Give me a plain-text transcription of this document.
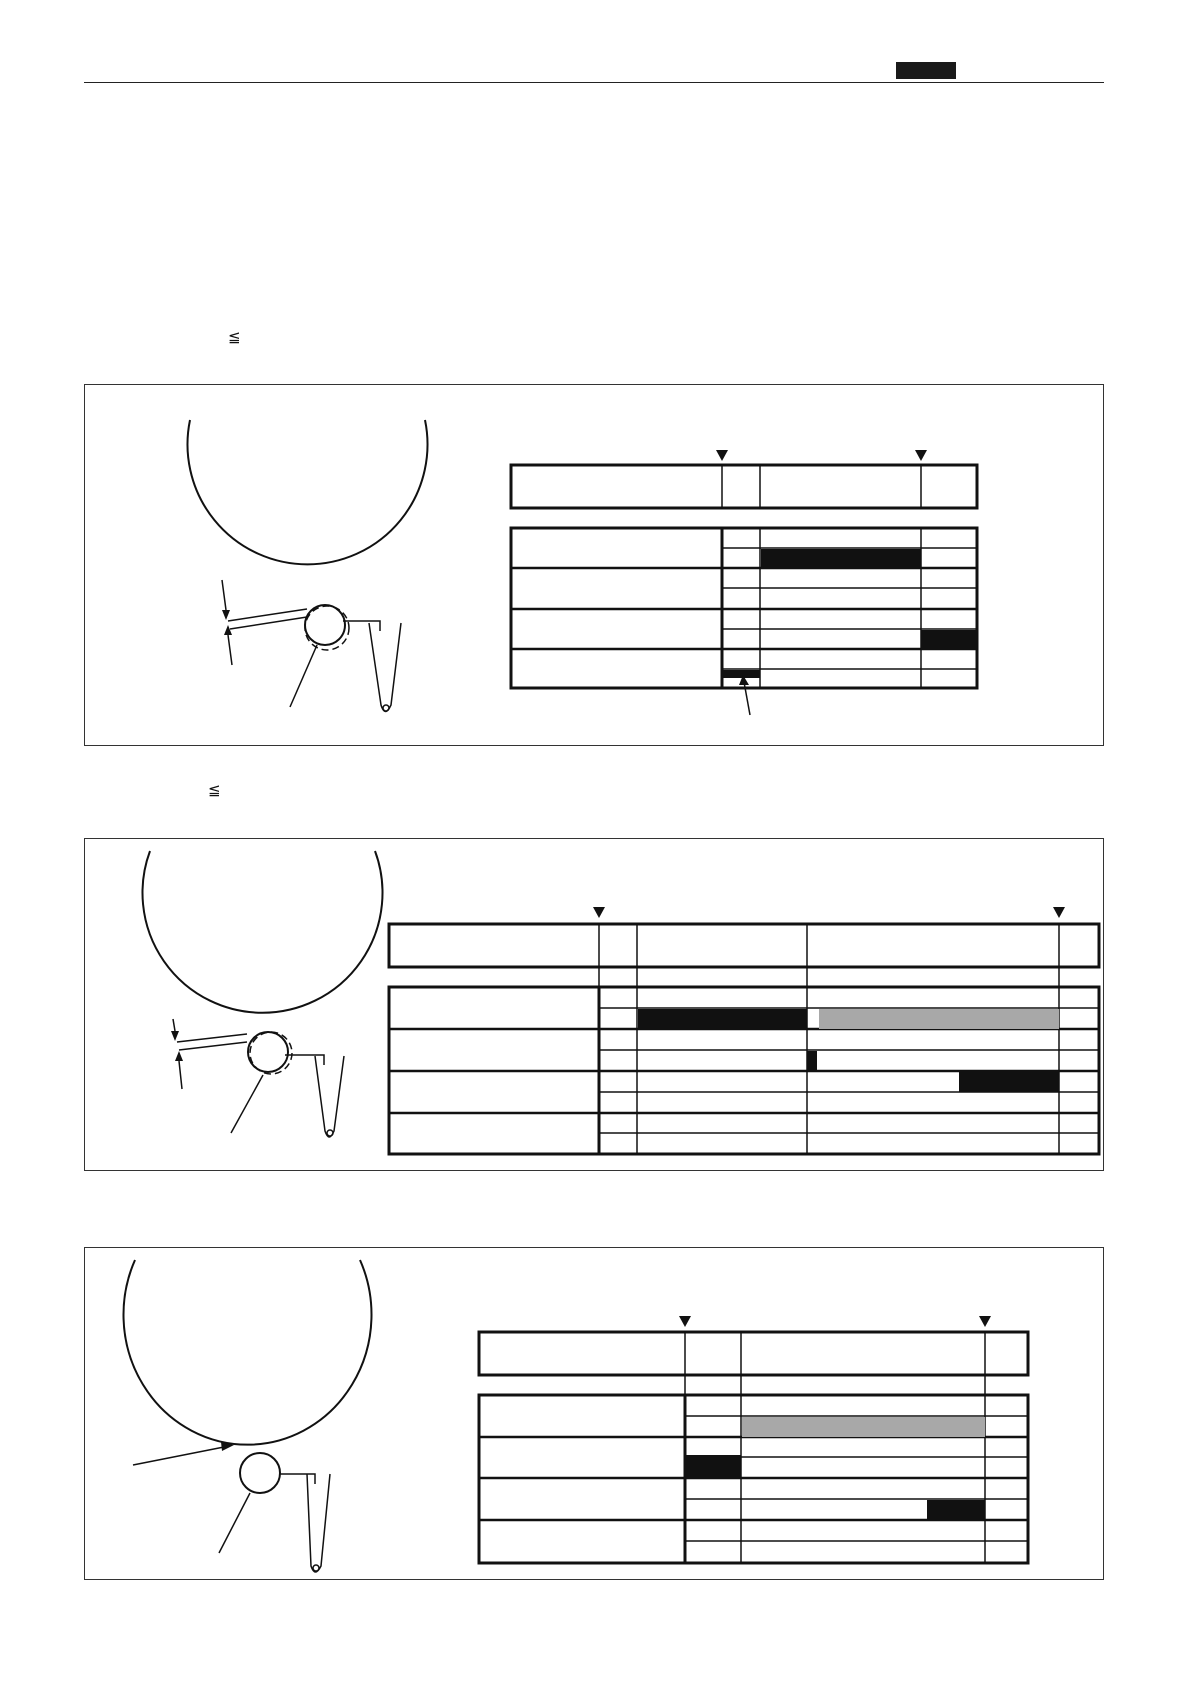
≦
≦
